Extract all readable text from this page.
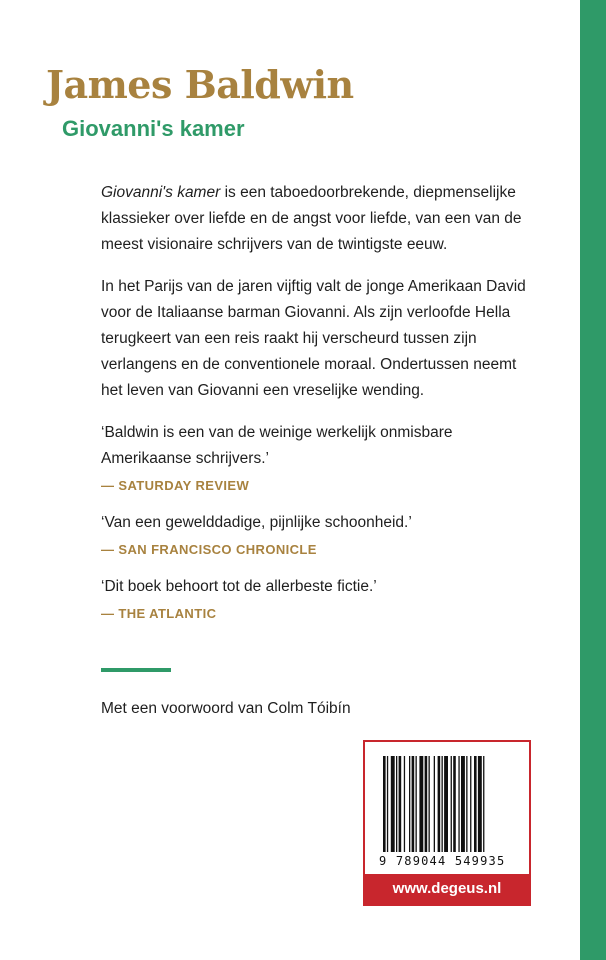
James Baldwin
Giovanni's kamer

Giovanni's kamer is een taboedoorbrekende, diepmenselijke klassieker over liefde en de angst voor liefde, van een van de meest visionaire schrijvers van de twintigste eeuw.

In het Parijs van de jaren vijftig valt de jonge Amerikaan David voor de Italiaanse barman Giovanni. Als zijn verloofde Hella terugkeert van een reis raakt hij verscheurd tussen zijn verlangens en de conventionele moraal. Ondertussen neemt het leven van Giovanni een vreselijke wending.

‘Baldwin is een van de weinige werkelijk onmisbare Amerikaanse schrijvers.’

— SATURDAY REVIEW

‘Van een gewelddadige, pijnlijke schoonheid.’

— SAN FRANCISCO CHRONICLE

‘Dit boek behoort tot de allerbeste fictie.’

— THE ATLANTIC

Met een voorwoord van Colm Tóibín
9 789044 549935
www.degeus.nl
